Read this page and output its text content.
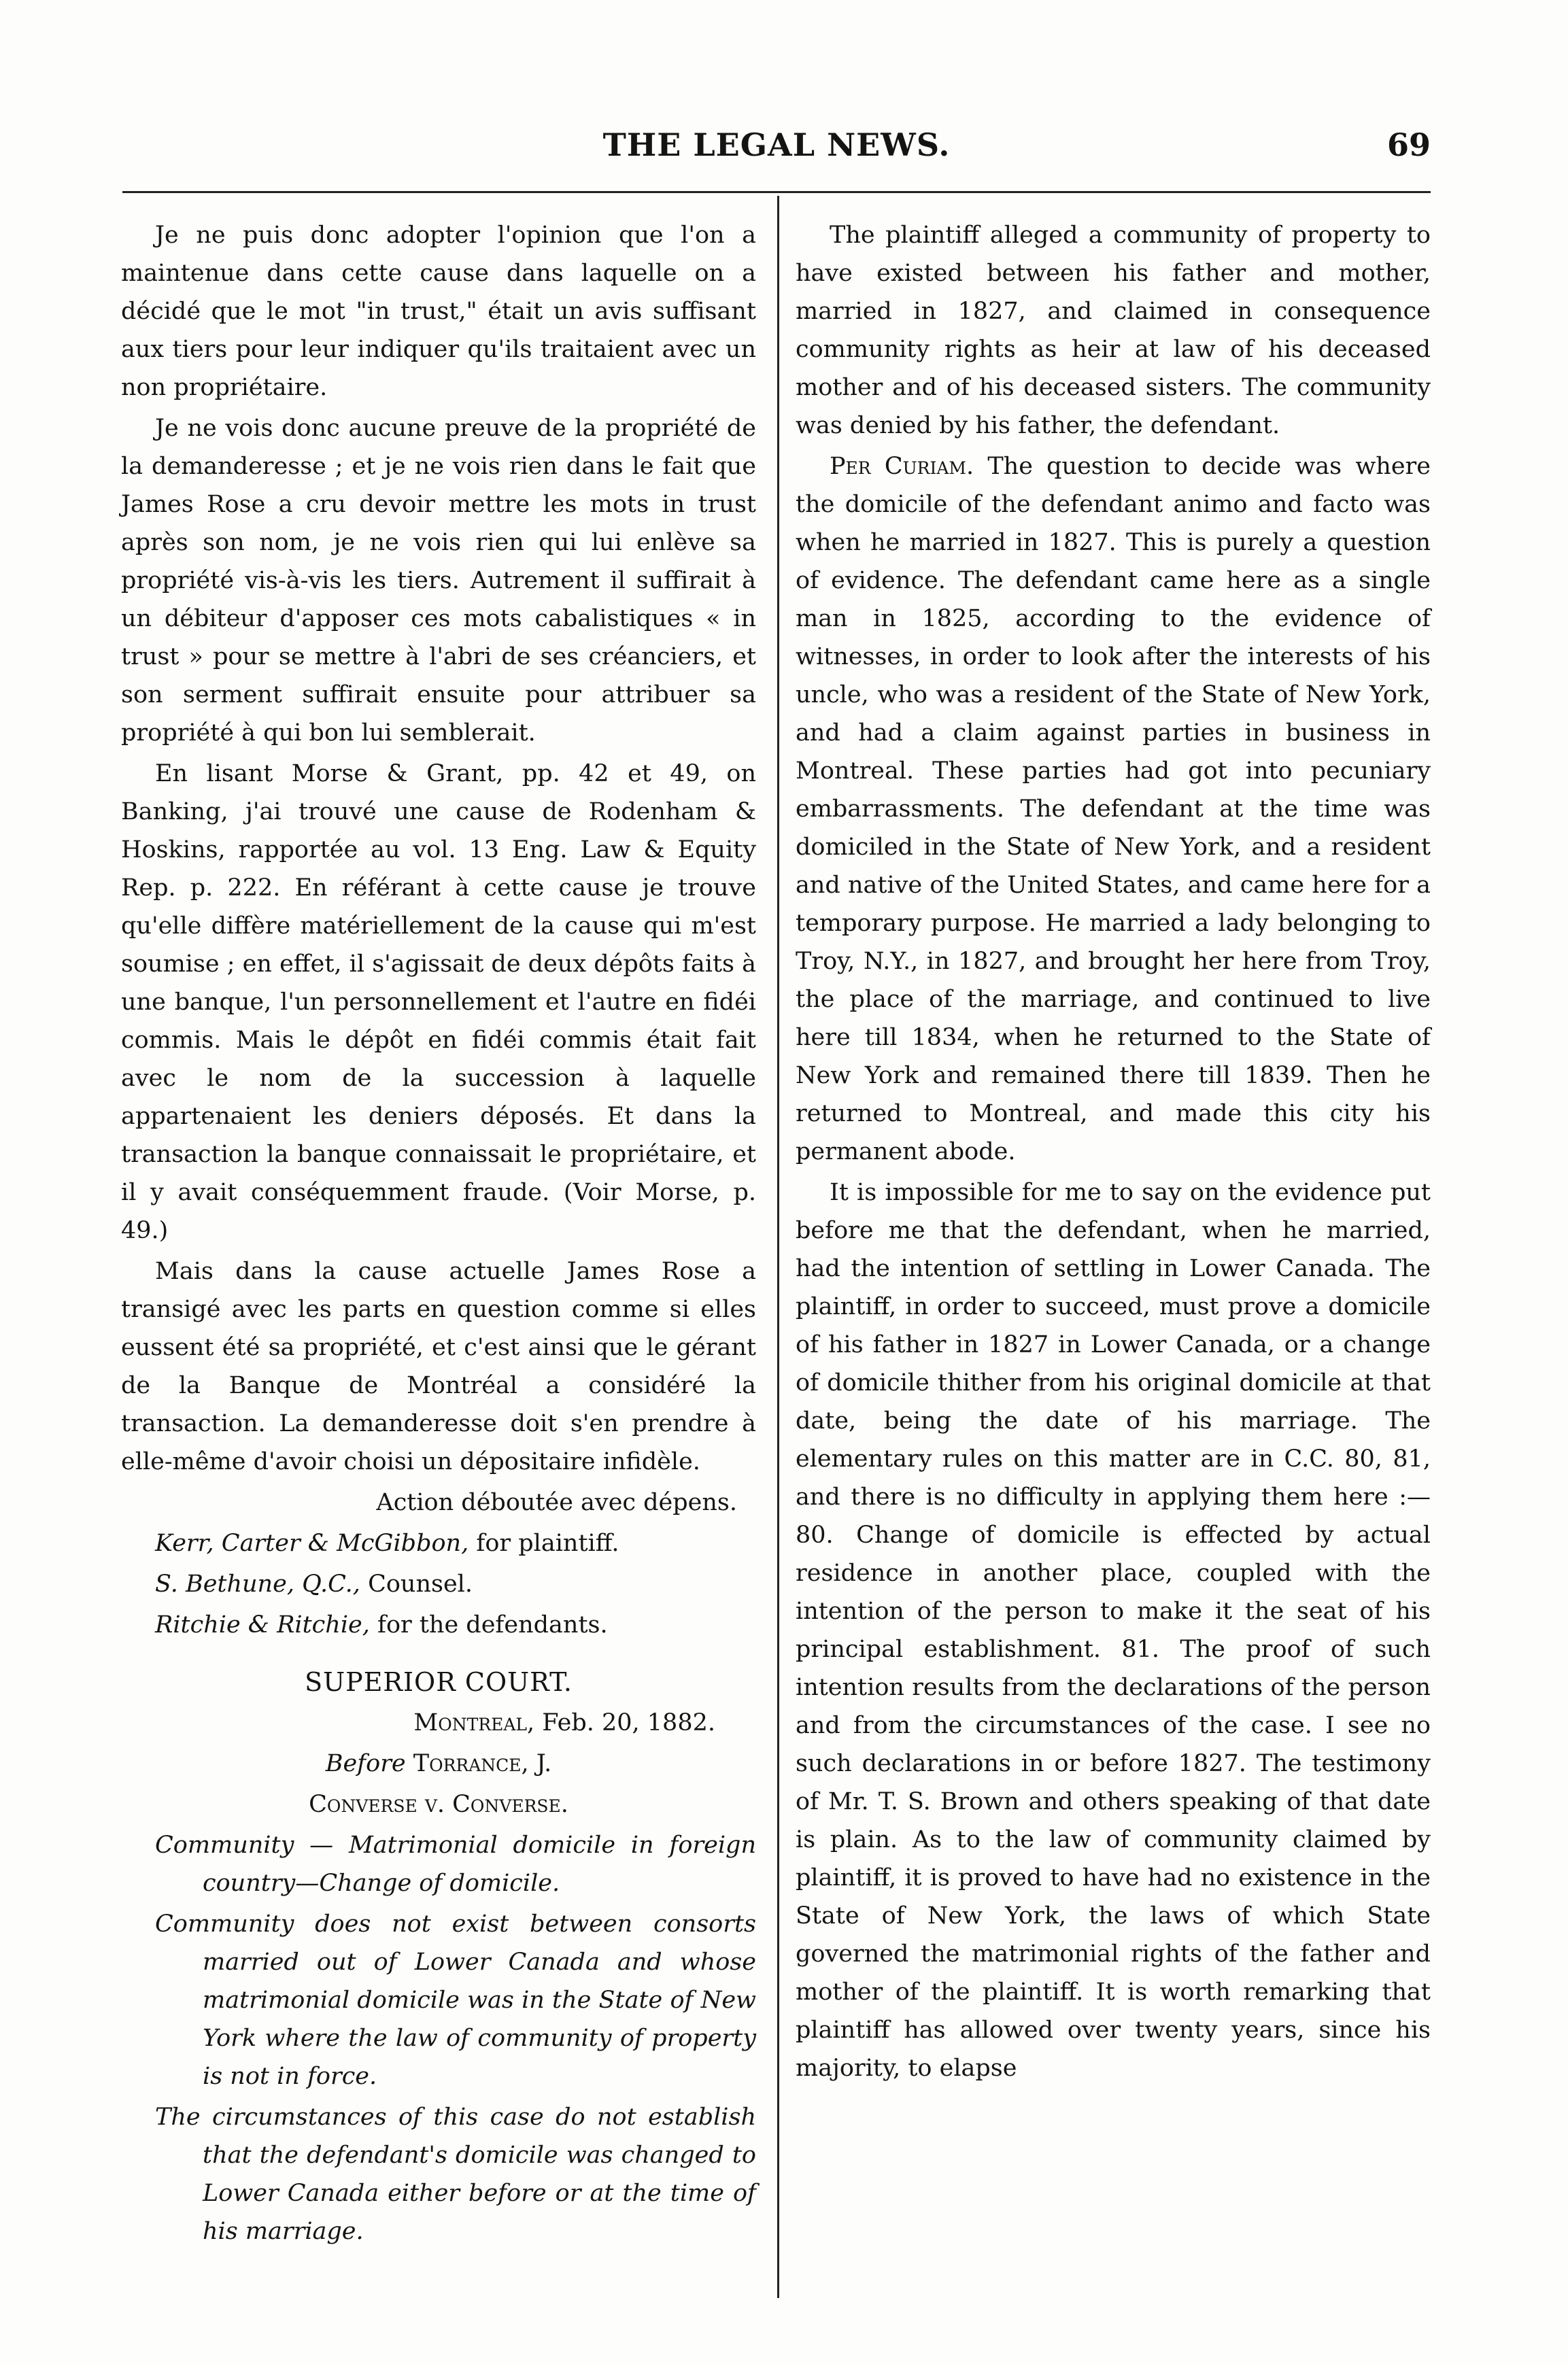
THE LEGAL NEWS.	69

Je ne puis donc adopter l'opinion que l'on a maintenue dans cette cause dans laquelle on a décidé que le mot "in trust," était un avis suffisant aux tiers pour leur indiquer qu'ils traitaient avec un non propriétaire.

Je ne vois donc aucune preuve de la propriété de la demanderesse ; et je ne vois rien dans le fait que James Rose a cru devoir mettre les mots in trust après son nom, je ne vois rien qui lui enlève sa propriété vis-à-vis les tiers. Autrement il suffirait à un débiteur d'apposer ces mots cabalistiques « in trust » pour se mettre à l'abri de ses créanciers, et son serment suffirait ensuite pour attribuer sa propriété à qui bon lui semblerait.

En lisant Morse & Grant, pp. 42 et 49, on Banking, j'ai trouvé une cause de Rodenham & Hoskins, rapportée au vol. 13 Eng. Law & Equity Rep. p. 222. En référant à cette cause je trouve qu'elle diffère matériellement de la cause qui m'est soumise ; en effet, il s'agissait de deux dépôts faits à une banque, l'un personnellement et l'autre en fidéi commis. Mais le dépôt en fidéi commis était fait avec le nom de la succession à laquelle appartenaient les deniers déposés. Et dans la transaction la banque connaissait le propriétaire, et il y avait conséquemment fraude. (Voir Morse, p. 49.)

Mais dans la cause actuelle James Rose a transigé avec les parts en question comme si elles eussent été sa propriété, et c'est ainsi que le gérant de la Banque de Montréal a considéré la transaction. La demanderesse doit s'en prendre à elle-même d'avoir choisi un dépositaire infidèle.

Action déboutée avec dépens.

Kerr, Carter & McGibbon, for plaintiff.

S. Bethune, Q.C., Counsel.

Ritchie & Ritchie, for the defendants.

SUPERIOR COURT.

Montreal, Feb. 20, 1882.

Before Torrance, J.

Converse v. Converse.

Community — Matrimonial domicile in foreign country—Change of domicile.

Community does not exist between consorts married out of Lower Canada and whose matrimonial domicile was in the State of New York where the law of community of property is not in force.

The circumstances of this case do not establish that the defendant's domicile was changed to Lower Canada either before or at the time of his marriage.

The plaintiff alleged a community of property to have existed between his father and mother, married in 1827, and claimed in consequence community rights as heir at law of his deceased mother and of his deceased sisters. The community was denied by his father, the defendant.

Per Curiam. The question to decide was where the domicile of the defendant animo and facto was when he married in 1827. This is purely a question of evidence. The defendant came here as a single man in 1825, according to the evidence of witnesses, in order to look after the interests of his uncle, who was a resident of the State of New York, and had a claim against parties in business in Montreal. These parties had got into pecuniary embarrassments. The defendant at the time was domiciled in the State of New York, and a resident and native of the United States, and came here for a temporary purpose. He married a lady belonging to Troy, N.Y., in 1827, and brought her here from Troy, the place of the marriage, and continued to live here till 1834, when he returned to the State of New York and remained there till 1839. Then he returned to Montreal, and made this city his permanent abode.

It is impossible for me to say on the evidence put before me that the defendant, when he married, had the intention of settling in Lower Canada. The plaintiff, in order to succeed, must prove a domicile of his father in 1827 in Lower Canada, or a change of domicile thither from his original domicile at that date, being the date of his marriage. The elementary rules on this matter are in C.C. 80, 81, and there is no difficulty in applying them here :—80. Change of domicile is effected by actual residence in another place, coupled with the intention of the person to make it the seat of his principal establishment. 81. The proof of such intention results from the declarations of the person and from the circumstances of the case. I see no such declarations in or before 1827. The testimony of Mr. T. S. Brown and others speaking of that date is plain. As to the law of community claimed by plaintiff, it is proved to have had no existence in the State of New York, the laws of which State governed the matrimonial rights of the father and mother of the plaintiff. It is worth remarking that plaintiff has allowed over twenty years, since his majority, to elapse
